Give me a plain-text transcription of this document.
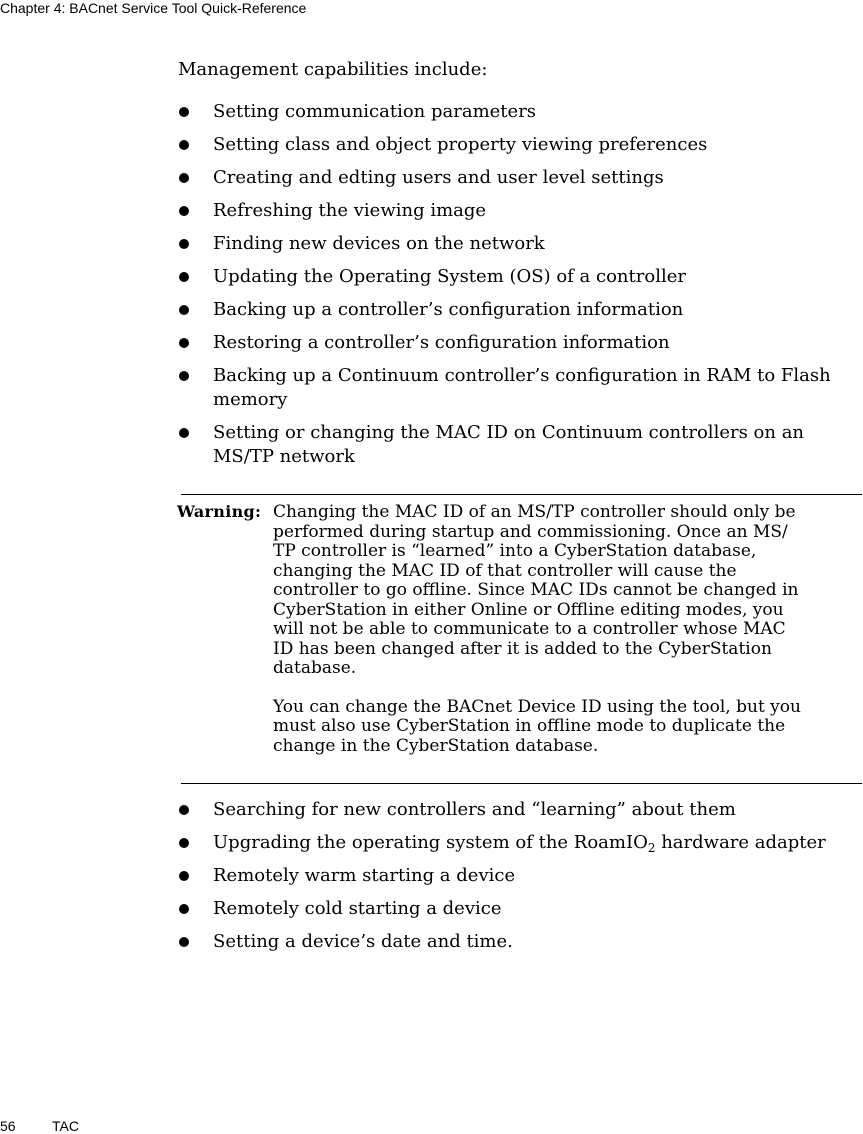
Chapter 4: BACnet Service Tool Quick-Reference
Management capabilities include:
Setting communication parameters
Setting class and object property viewing preferences
Creating and edting users and user level settings
Refreshing the viewing image
Finding new devices on the network
Updating the Operating System (OS) of a controller
Backing up a controller’s configuration information
Restoring a controller’s configuration information
Backing up a Continuum controller’s configuration in RAM to Flash
memory
Setting or changing the MAC ID on Continuum controllers on an
MS/TP network
Warning: Changing the MAC ID of an MS/TP controller should only be
performed during startup and commissioning. Once an MS/
TP controller is “learned” into a CyberStation database,
changing the MAC ID of that controller will cause the
controller to go offline. Since MAC IDs cannot be changed in
CyberStation in either Online or Offline editing modes, you
will not be able to communicate to a controller whose MAC
ID has been changed after it is added to the CyberStation
database.
You can change the BACnet Device ID using the tool, but you
must also use CyberStation in offline mode to duplicate the
change in the CyberStation database.
Searching for new controllers and “learning” about them
Upgrading the operating system of the RoamIO$_2$ hardware adapter
Remotely warm starting a device
Remotely cold starting a device
Setting a device’s date and time.
56	TAC
